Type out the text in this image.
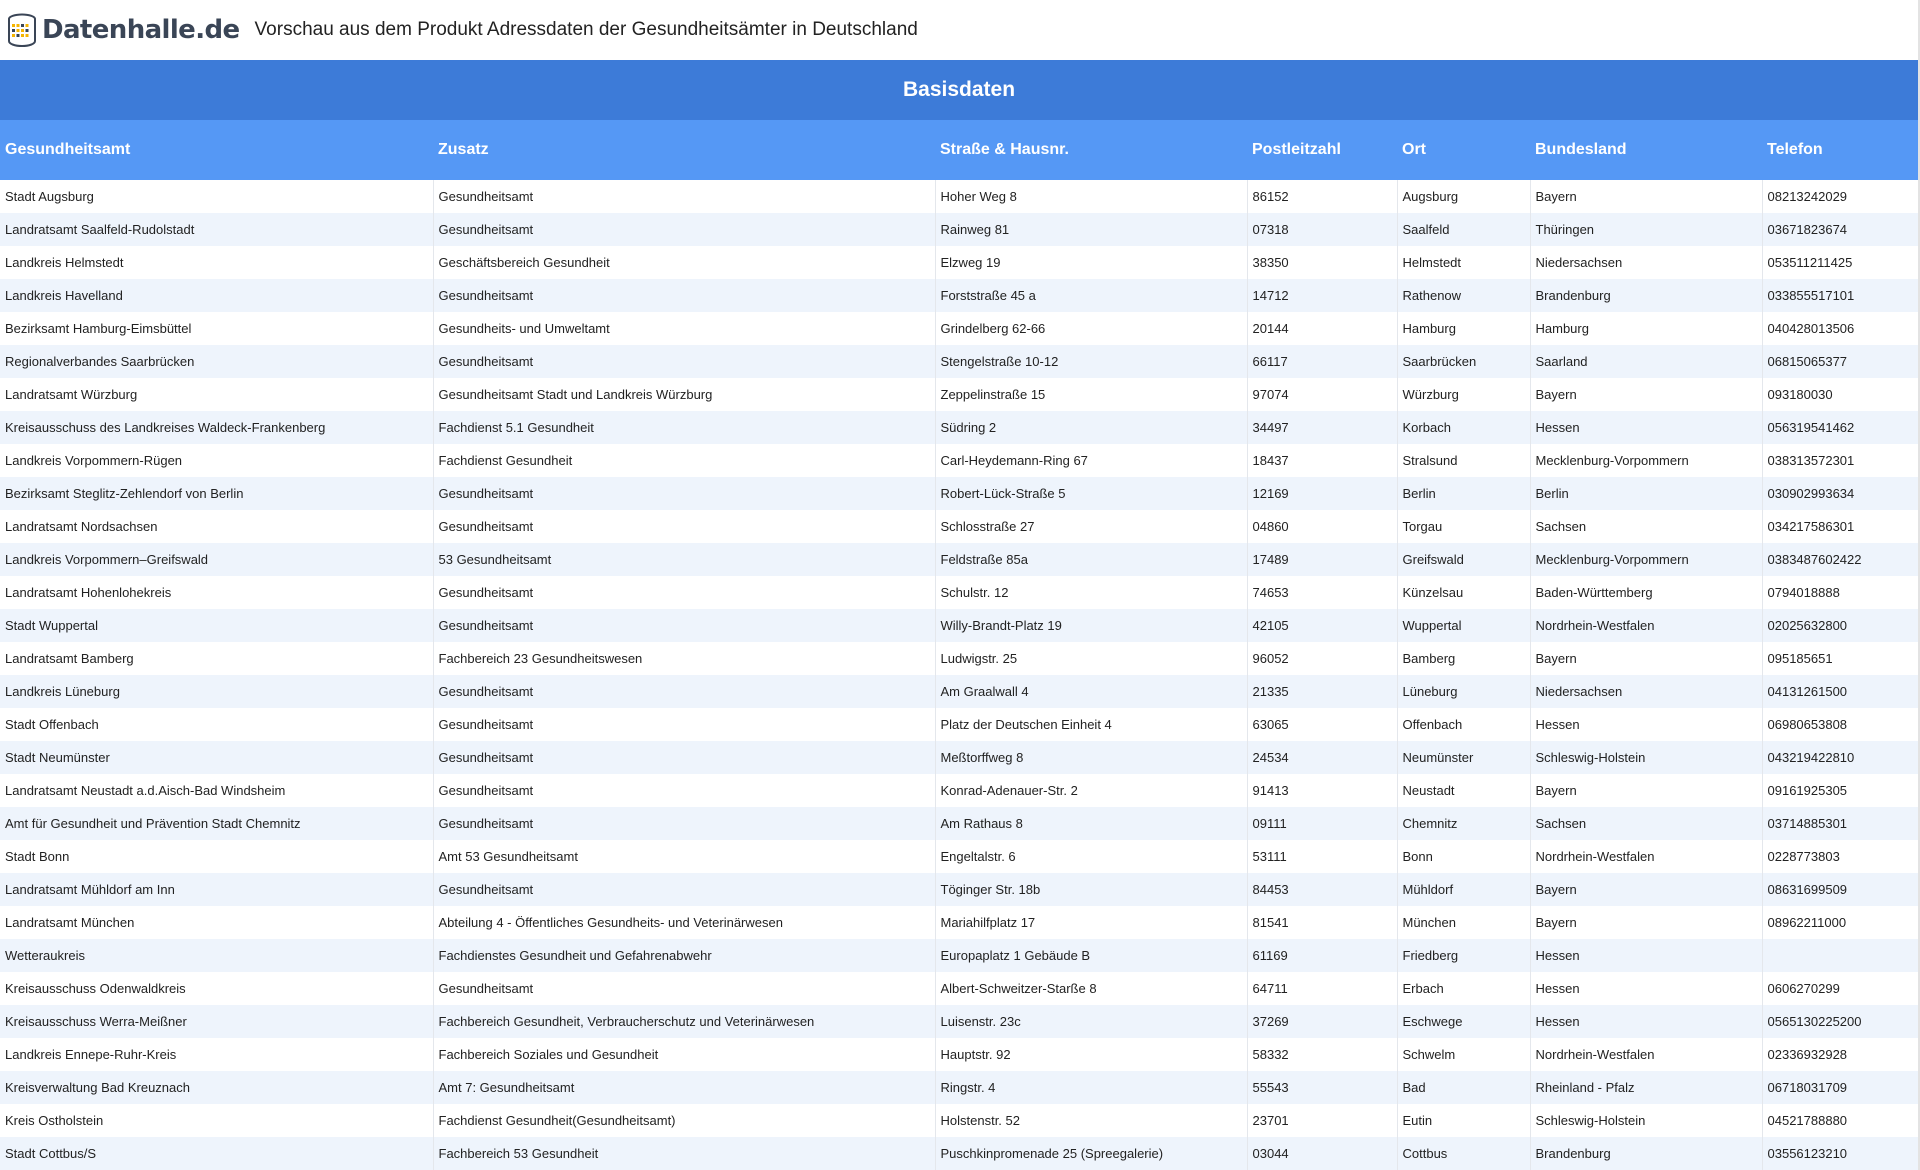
Datenhalle.de Vorschau aus dem Produkt Adressdaten der Gesundheitsämter in Deutschland
Basisdaten						
Gesundheitsamt	Zusatz	Straße & Hausnr.	Postleitzahl	Ort	Bundesland	Telefon
Stadt Augsburg	Gesundheitsamt	Hoher Weg 8	86152	Augsburg	Bayern	08213242029
Landratsamt Saalfeld-Rudolstadt	Gesundheitsamt	Rainweg 81	07318	Saalfeld	Thüringen	03671823674
Landkreis Helmstedt	Geschäftsbereich Gesundheit	Elzweg 19	38350	Helmstedt	Niedersachsen	053511211425
Landkreis Havelland	Gesundheitsamt	Forststraße 45 a	14712	Rathenow	Brandenburg	033855517101
Bezirksamt Hamburg-Eimsbüttel	Gesundheits- und Umweltamt	Grindelberg 62-66	20144	Hamburg	Hamburg	040428013506
Regionalverbandes Saarbrücken	Gesundheitsamt	Stengelstraße 10-12	66117	Saarbrücken	Saarland	06815065377
Landratsamt Würzburg	Gesundheitsamt Stadt und Landkreis Würzburg	Zeppelinstraße 15	97074	Würzburg	Bayern	093180030
Kreisausschuss des Landkreises Waldeck-Frankenberg	Fachdienst 5.1 Gesundheit	Südring 2	34497	Korbach	Hessen	056319541462
Landkreis Vorpommern-Rügen	Fachdienst Gesundheit	Carl-Heydemann-Ring 67	18437	Stralsund	Mecklenburg-Vorpommern	038313572301
Bezirksamt Steglitz-Zehlendorf von Berlin	Gesundheitsamt	Robert-Lück-Straße 5	12169	Berlin	Berlin	030902993634
Landratsamt Nordsachsen	Gesundheitsamt	Schlosstraße 27	04860	Torgau	Sachsen	034217586301
Landkreis Vorpommern–Greifswald	53 Gesundheitsamt	Feldstraße 85a	17489	Greifswald	Mecklenburg-Vorpommern	0383487602422
Landratsamt Hohenlohekreis	Gesundheitsamt	Schulstr. 12	74653	Künzelsau	Baden-Württemberg	0794018888
Stadt Wuppertal	Gesundheitsamt	Willy-Brandt-Platz 19	42105	Wuppertal	Nordrhein-Westfalen	02025632800
Landratsamt Bamberg	Fachbereich 23 Gesundheitswesen	Ludwigstr. 25	96052	Bamberg	Bayern	095185651
Landkreis Lüneburg	Gesundheitsamt	Am Graalwall 4	21335	Lüneburg	Niedersachsen	04131261500
Stadt Offenbach	Gesundheitsamt	Platz der Deutschen Einheit 4	63065	Offenbach	Hessen	06980653808
Stadt Neumünster	Gesundheitsamt	Meßtorffweg 8	24534	Neumünster	Schleswig-Holstein	043219422810
Landratsamt Neustadt a.d.Aisch-Bad Windsheim	Gesundheitsamt	Konrad-Adenauer-Str. 2	91413	Neustadt	Bayern	09161925305
Amt für Gesundheit und Prävention Stadt Chemnitz	Gesundheitsamt	Am Rathaus 8	09111	Chemnitz	Sachsen	03714885301
Stadt Bonn	Amt 53 Gesundheitsamt	Engeltalstr. 6	53111	Bonn	Nordrhein-Westfalen	0228773803
Landratsamt Mühldorf am Inn	Gesundheitsamt	Töginger Str. 18b	84453	Mühldorf	Bayern	08631699509
Landratsamt München	Abteilung 4 - Öffentliches Gesundheits- und Veterinärwesen	Mariahilfplatz 17	81541	München	Bayern	08962211000
Wetteraukreis	Fachdienstes Gesundheit und Gefahrenabwehr	Europaplatz 1 Gebäude B	61169	Friedberg	Hessen	
Kreisausschuss Odenwaldkreis	Gesundheitsamt	Albert-Schweitzer-Starße 8	64711	Erbach	Hessen	0606270299
Kreisausschuss Werra-Meißner	Fachbereich Gesundheit, Verbraucherschutz und Veterinärwesen	Luisenstr. 23c	37269	Eschwege	Hessen	0565130225200
Landkreis Ennepe-Ruhr-Kreis	Fachbereich Soziales und Gesundheit	Hauptstr. 92	58332	Schwelm	Nordrhein-Westfalen	02336932928
Kreisverwaltung Bad Kreuznach	Amt 7: Gesundheitsamt	Ringstr. 4	55543	Bad	Rheinland - Pfalz	06718031709
Kreis Ostholstein	Fachdienst Gesundheit(Gesundheitsamt)	Holstenstr. 52	23701	Eutin	Schleswig-Holstein	04521788880
Stadt Cottbus/S	Fachbereich 53 Gesundheit	Puschkinpromenade 25 (Spreegalerie)	03044	Cottbus	Brandenburg	03556123210
